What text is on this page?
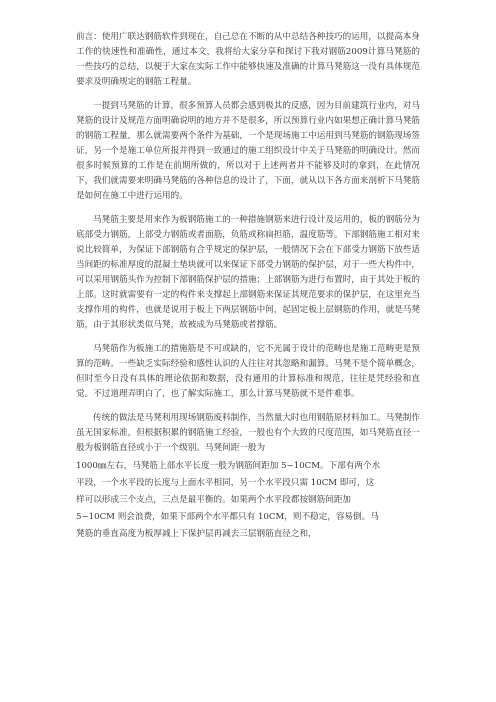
前言：使用广联达钢筋软件到现在，自己总在不断的从中总结各种技巧的运用，以提高本身工作的快速性和准确性，通过本文，我将给大家分享和探讨下我对钢筋2009计算马凳筋的一些技巧的总结，以便于大家在实际工作中能够快速及准确的计算马凳筋这一没有具体规范要求及明确规定的钢筋工程量。

一提到马凳筋的计算，很多预算人员都会感到极其的反感，因为目前建筑行业内，对马凳筋的设计及规范方面明确说明的地方并不是很多，所以预算行业内如果想正确计算马凳筋的钢筋工程量，那么就需要两个条件为基础，一个是现场施工中运用到马凳筋的钢筋现场签证，另一个是施工单位所报并得到一致通过的施工组织设计中关于马凳筋的明确设计。然而很多时候预算的工作是在前期所做的，所以对于上述两者并不能够及时的拿到，在此情况下，我们就需要来明确马凳筋的各种信息的设计了，下面，就从以下各方面来剖析下马凳筋是如何在施工中进行运用的。

马凳筋主要是用来作为板钢筋施工的一种措施钢筋来进行设计及运用的，板的钢筋分为底部受力钢筋，上部受力钢筋或者面筋，负筋或称扁担筋，温度筋等。下部钢筋施工相对来说比较简单，为保证下部钢筋有合乎规定的保护层，一般情况下会在下部受力钢筋下放些适当间距的标准厚度的混凝土垫块就可以来保证下部受力钢筋的保护层，对于一些大构件中，可以采用钢筋头作为控制下部钢筋保护层的措施；上部钢筋为进行布置时，由于其处于板的上部。这时就需要有一定的构件来支撑起上部钢筋来保证其规范要求的保护层，在这里充当支撑作用的构件，也就是说用于板上下两层钢筋中间，起固定板上层钢筋的作用，就是马凳筋，由于其形状类似马凳，故被成为马凳筋或者撑筋。

马凳筋作为板施工的措施筋是不可或缺的，它不光属于设计的范畴也是施工范畴更是预算的范畴。一些缺乏实际经验和感性认识的人往往对其忽略和漏算。马凳不是个简单概念，但时至今日没有具体的理论依据和数据，没有通用的计算标准和规范，往往是凭经验和直觉。不过道理弄明白了，也了解实际施工，那么计算马凳筋就不是件难事。

传统的做法是马凳利用现场钢筋废料制作，当然量大时也用钢筋原材料加工。马凳制作虽无国家标准，但根据积累的钢筋施工经验，一般也有个大致的尺度范围，如马凳筋直径一般为板钢筋直径或小于一个级别。马凳间距一般为

1000㎜左右，马凳筋上部水平长度一般为钢筋间距加 5~10CM。下部有两个水

平段，一个水平段的长度与上面水平相同，另一个水平段只需 10CM 即可，这

样可以形成三个支点，三点是最平衡的。如果两个水平段都按钢筋间距加

5~10CM 则会浪费，如果下部两个水平都只有 10CM，则不稳定，容易倒。马

凳筋的垂直高度为板厚减上下保护层再减去三层钢筋直径之和，
